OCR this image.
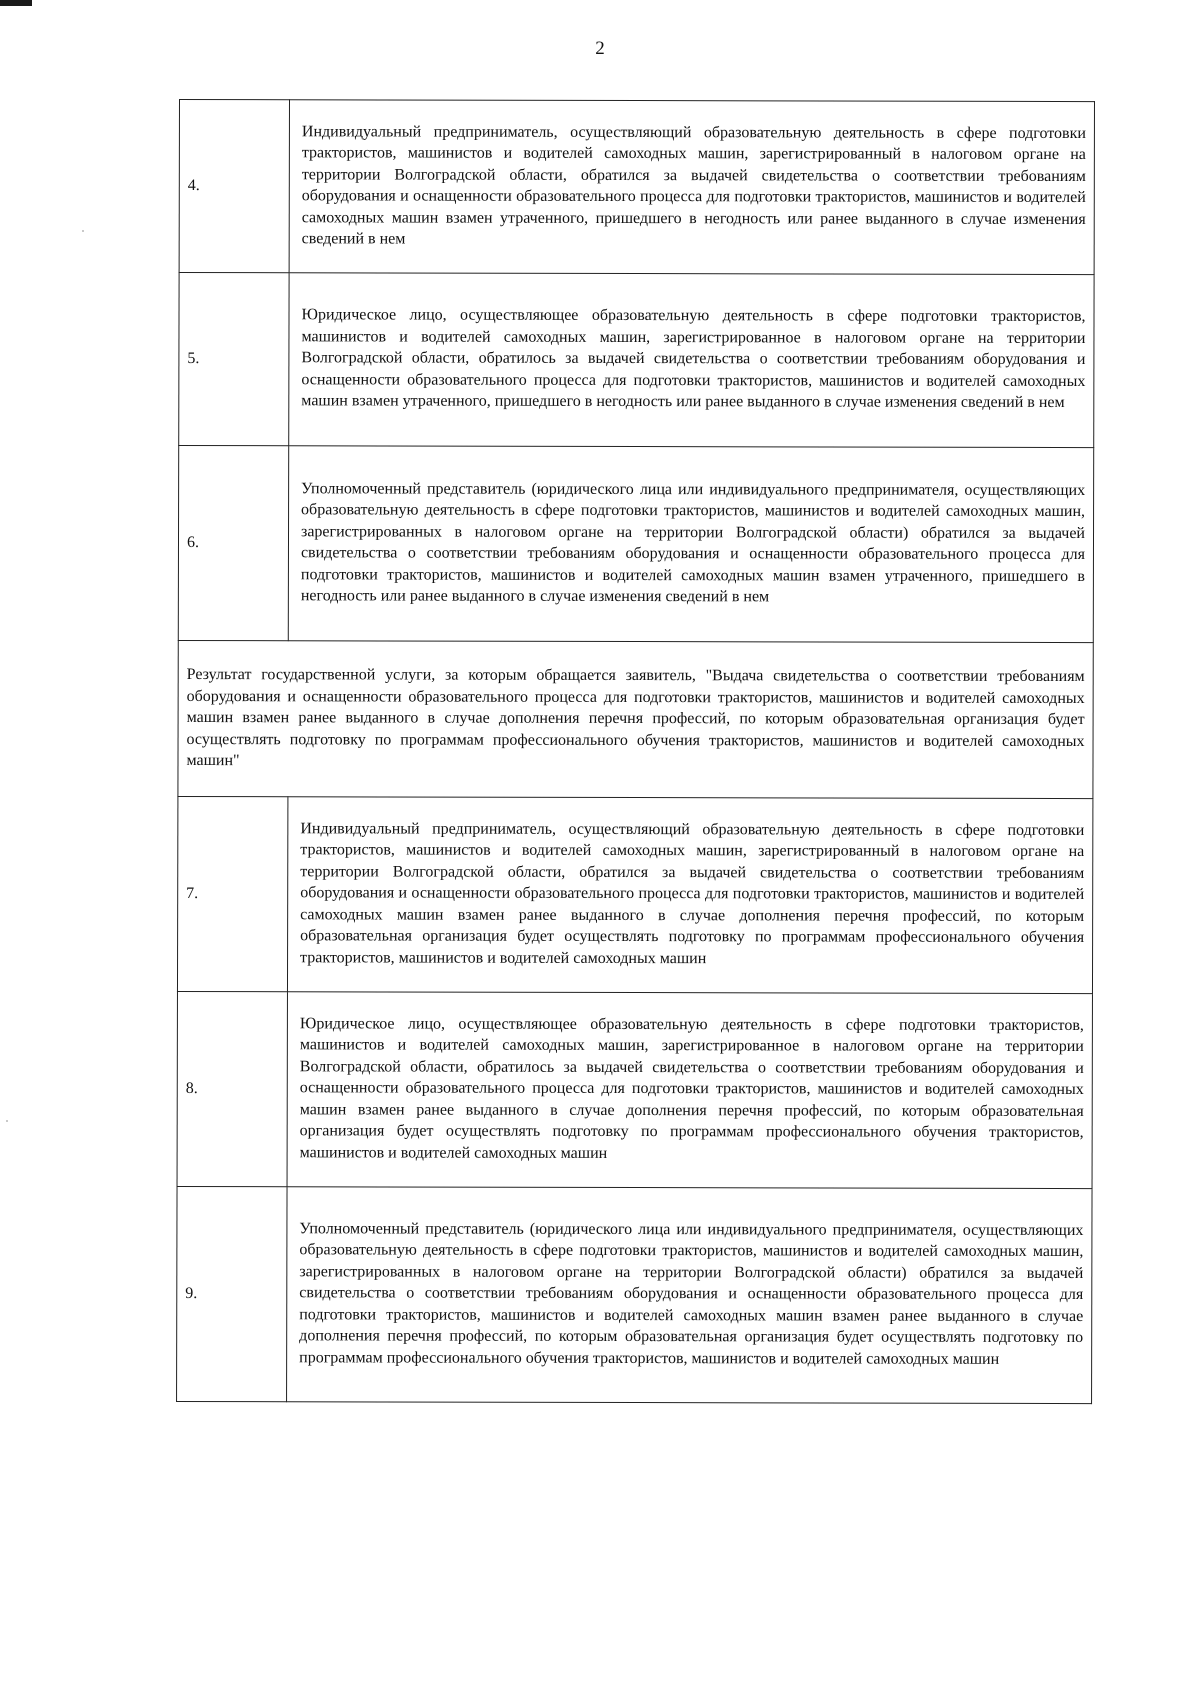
2
4.	Индивидуальный предприниматель, осуществляющий образовательную деятельность в сфере подготовки трактористов, машинистов и водителей самоходных машин, зарегистрированный в налоговом органе на территории Волгоградской области, обратился за выдачей свидетельства о соответствии требованиям оборудования и оснащенности образовательного процесса для подготовки трактористов, машинистов и водителей самоходных машин взамен утраченного, пришедшего в негодность или ранее выданного в случае изменения сведений в нем
5.	Юридическое лицо, осуществляющее образовательную деятельность в сфере подготовки трактористов, машинистов и водителей самоходных машин, зарегистрированное в налоговом органе на территории Волгоградской области, обратилось за выдачей свидетельства о соответствии требованиям оборудования и оснащенности образовательного процесса для подготовки трактористов, машинистов и водителей самоходных машин взамен утраченного, пришедшего в негодность или ранее выданного в случае изменения сведений в нем
6.	Уполномоченный представитель (юридического лица или индивидуального предпринимателя, осуществляющих образовательную деятельность в сфере подготовки трактористов, машинистов и водителей самоходных машин, зарегистрированных в налоговом органе на территории Волгоградской области) обратился за выдачей свидетельства о соответствии требованиям оборудования и оснащенности образовательного процесса для подготовки трактористов, машинистов и водителей самоходных машин взамен утраченного, пришедшего в негодность или ранее выданного в случае изменения сведений в нем
Результат государственной услуги, за которым обращается заявитель, "Выдача свидетельства о соответствии требованиям оборудования и оснащенности образовательного процесса для подготовки трактористов, машинистов и водителей самоходных машин взамен ранее выданного в случае дополнения перечня профессий, по которым образовательная организация будет осуществлять подготовку по программам профессионального обучения трактористов, машинистов и водителей самоходных машин"	
7.	Индивидуальный предприниматель, осуществляющий образовательную деятельность в сфере подготовки трактористов, машинистов и водителей самоходных машин, зарегистрированный в налоговом органе на территории Волгоградской области, обратился за выдачей свидетельства о соответствии требованиям оборудования и оснащенности образовательного процесса для подготовки трактористов, машинистов и водителей самоходных машин взамен ранее выданного в случае дополнения перечня профессий, по которым образовательная организация будет осуществлять подготовку по программам профессионального обучения трактористов, машинистов и водителей самоходных машин
8.	Юридическое лицо, осуществляющее образовательную деятельность в сфере подготовки трактористов, машинистов и водителей самоходных машин, зарегистрированное в налоговом органе на территории Волгоградской области, обратилось за выдачей свидетельства о соответствии требованиям оборудования и оснащенности образовательного процесса для подготовки трактористов, машинистов и водителей самоходных машин взамен ранее выданного в случае дополнения перечня профессий, по которым образовательная организация будет осуществлять подготовку по программам профессионального обучения трактористов, машинистов и водителей самоходных машин
9.	Уполномоченный представитель (юридического лица или индивидуального предпринимателя, осуществляющих образовательную деятельность в сфере подготовки трактористов, машинистов и водителей самоходных машин, зарегистрированных в налоговом органе на территории Волгоградской области) обратился за выдачей свидетельства о соответствии требованиям оборудования и оснащенности образовательного процесса для подготовки трактористов, машинистов и водителей самоходных машин взамен ранее выданного в случае дополнения перечня профессий, по которым образовательная организация будет осуществлять подготовку по программам профессионального обучения трактористов, машинистов и водителей самоходных машин
